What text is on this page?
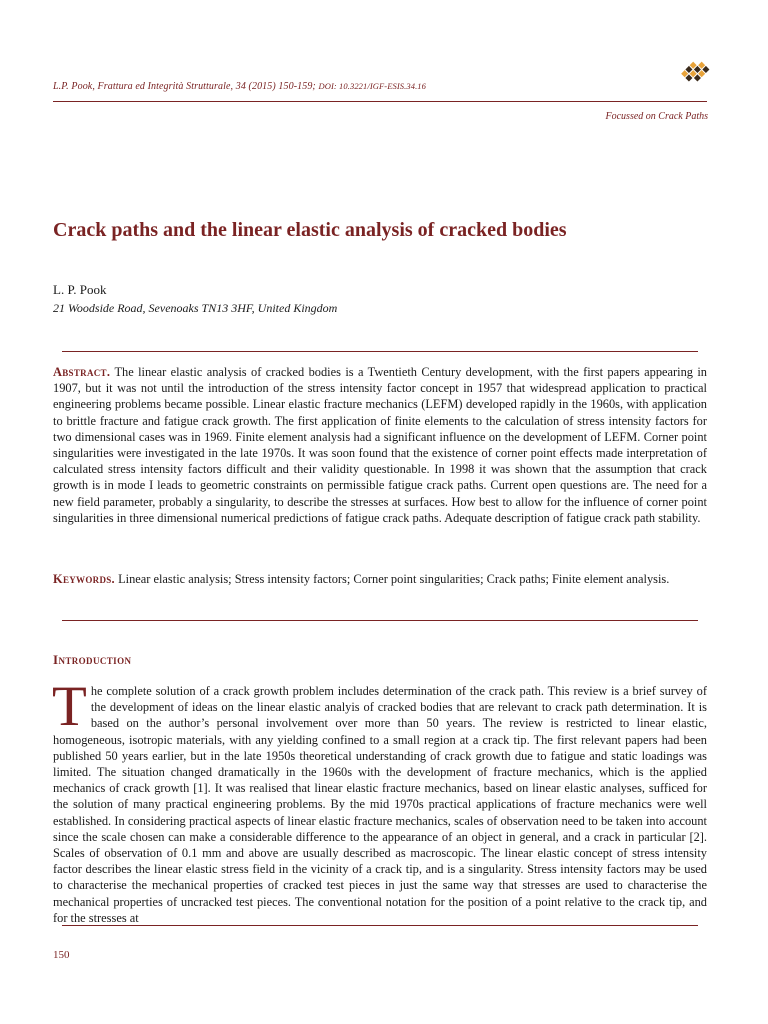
L.P. Pook, Frattura ed Integrità Strutturale, 34 (2015) 150-159; DOI: 10.3221/IGF-ESIS.34.16
Focussed on Crack Paths
Crack paths and the linear elastic analysis of cracked bodies
L. P. Pook
21 Woodside Road, Sevenoaks TN13 3HF, United Kingdom
Abstract. The linear elastic analysis of cracked bodies is a Twentieth Century development, with the first papers appearing in 1907, but it was not until the introduction of the stress intensity factor concept in 1957 that widespread application to practical engineering problems became possible. Linear elastic fracture mechanics (LEFM) developed rapidly in the 1960s, with application to brittle fracture and fatigue crack growth. The first application of finite elements to the calculation of stress intensity factors for two dimensional cases was in 1969. Finite element analysis had a significant influence on the development of LEFM. Corner point singularities were investigated in the late 1970s. It was soon found that the existence of corner point effects made interpretation of calculated stress intensity factors difficult and their validity questionable. In 1998 it was shown that the assumption that crack growth is in mode I leads to geometric constraints on permissible fatigue crack paths. Current open questions are. The need for a new field parameter, probably a singularity, to describe the stresses at surfaces. How best to allow for the influence of corner point singularities in three dimensional numerical predictions of fatigue crack paths. Adequate description of fatigue crack path stability.
Keywords. Linear elastic analysis; Stress intensity factors; Corner point singularities; Crack paths; Finite element analysis.
Introduction
T he complete solution of a crack growth problem includes determination of the crack path. This review is a brief survey of the development of ideas on the linear elastic analyis of cracked bodies that are relevant to crack path determination. It is based on the author’s personal involvement over more than 50 years. The review is restricted to linear elastic, homogeneous, isotropic materials, with any yielding confined to a small region at a crack tip. The first relevant papers had been published 50 years earlier, but in the late 1950s theoretical understanding of crack growth due to fatigue and static loadings was limited. The situation changed dramatically in the 1960s with the development of fracture mechanics, which is the applied mechanics of crack growth [1]. It was realised that linear elastic fracture mechanics, based on linear elastic analyses, sufficed for the solution of many practical engineering problems. By the mid 1970s practical applications of fracture mechanics were well established. In considering practical aspects of linear elastic fracture mechanics, scales of observation need to be taken into account since the scale chosen can make a considerable difference to the appearance of an object in general, and a crack in particular [2]. Scales of observation of 0.1 mm and above are usually described as macroscopic. The linear elastic concept of stress intensity factor describes the linear elastic stress field in the vicinity of a crack tip, and is a singularity. Stress intensity factors may be used to characterise the mechanical properties of cracked test pieces in just the same way that stresses are used to characterise the mechanical properties of uncracked test pieces. The conventional notation for the position of a point relative to the crack tip, and for the stresses at
150
